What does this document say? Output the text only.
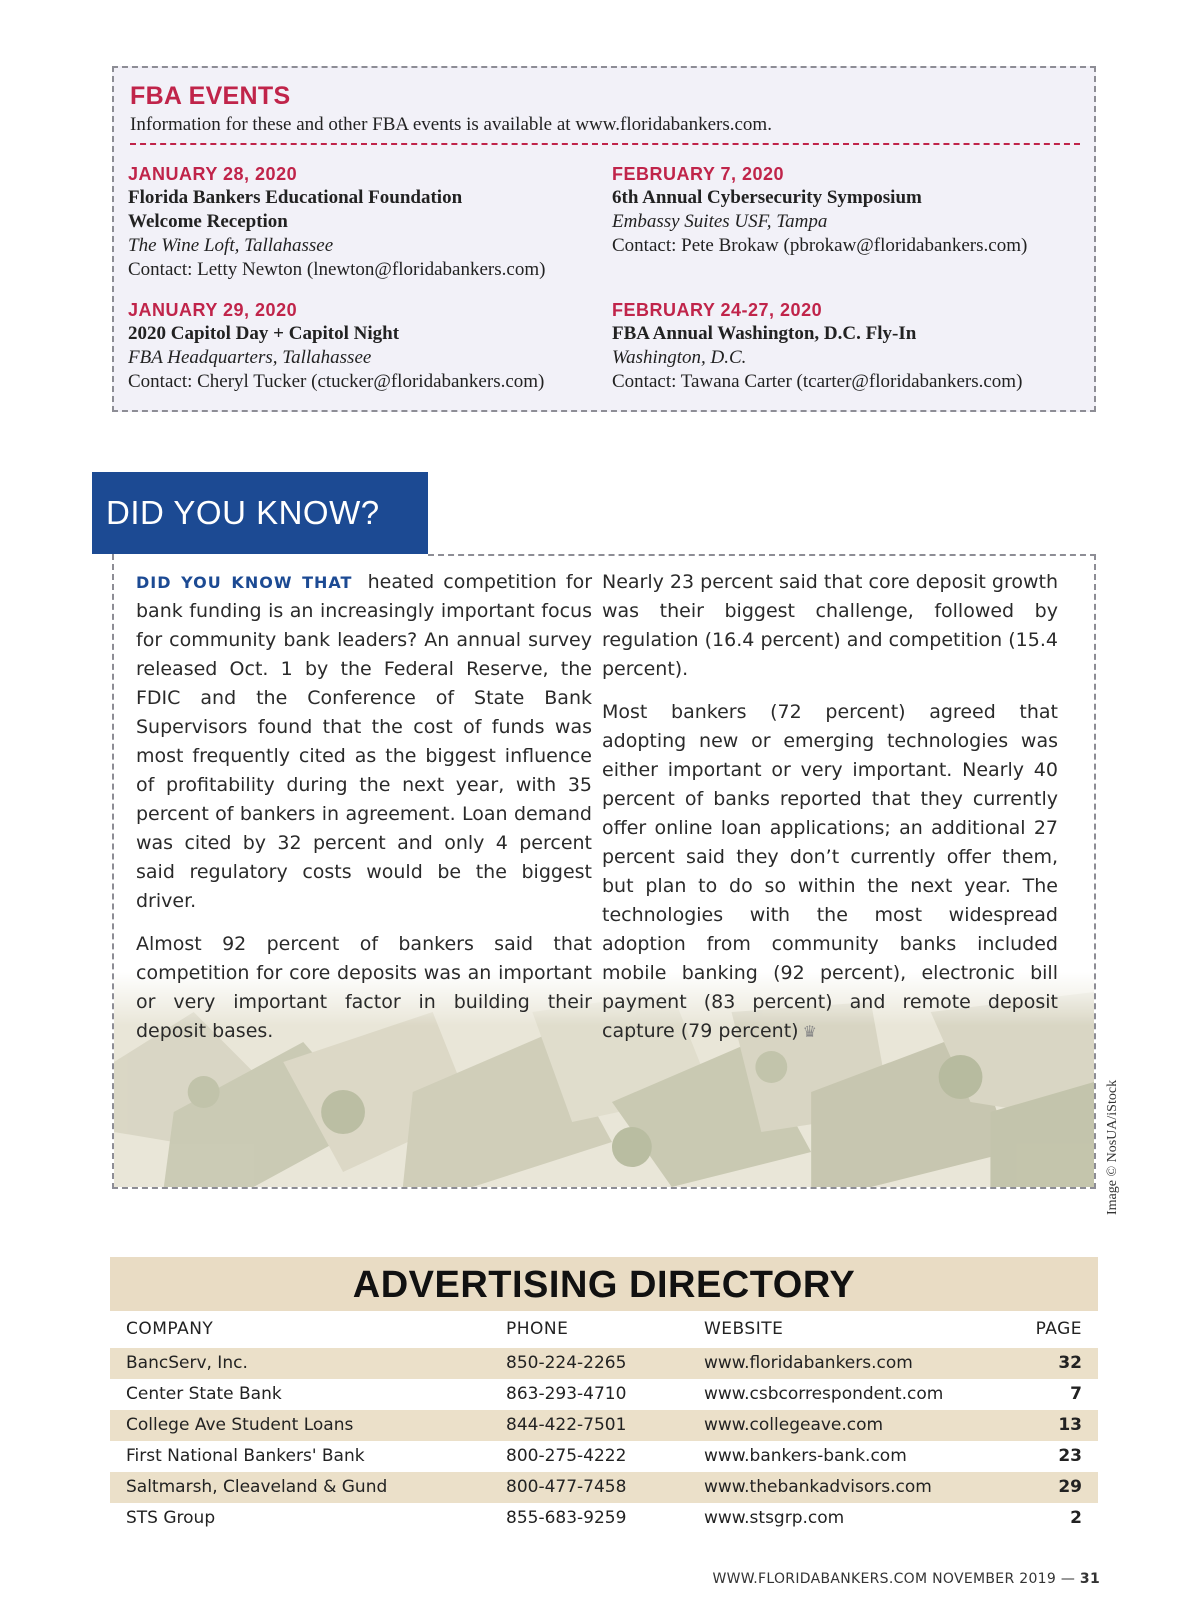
FBA EVENTS

Information for these and other FBA events is available at www.floridabankers.com.

JANUARY 28, 2020
Florida Bankers Educational Foundation
Welcome Reception
The Wine Loft, Tallahassee
Contact: Letty Newton (lnewton@floridabankers.com)
FEBRUARY 7, 2020
6th Annual Cybersecurity Symposium
Embassy Suites USF, Tampa
Contact: Pete Brokaw (pbrokaw@floridabankers.com)
JANUARY 29, 2020
2020 Capitol Day + Capitol Night
FBA Headquarters, Tallahassee
Contact: Cheryl Tucker (ctucker@floridabankers.com)
FEBRUARY 24-27, 2020
FBA Annual Washington, D.C. Fly-In
Washington, D.C.
Contact: Tawana Carter (tcarter@floridabankers.com)
DID YOU KNOW?

DID YOU KNOW THAT heated competition for bank funding is an increasingly important focus for community bank leaders? An annual survey released Oct. 1 by the Federal Reserve, the FDIC and the Conference of State Bank Supervisors found that the cost of funds was most frequently cited as the biggest influence of profitability during the next year, with 35 percent of bankers in agreement. Loan demand was cited by 32 percent and only 4 percent said regulatory costs would be the biggest driver.

Almost 92 percent of bankers said that competition for core deposits was an important or very important factor in building their deposit bases.

Nearly 23 percent said that core deposit growth was their biggest challenge, followed by regulation (16.4 percent) and competition (15.4 percent).

Most bankers (72 percent) agreed that adopting new or emerging technologies was either important or very important. Nearly 40 percent of banks reported that they currently offer online loan applications; an additional 27 percent said they don’t currently offer them, but plan to do so within the next year. The technologies with the most widespread adoption from community banks included mobile banking (92 percent), electronic bill payment (83 percent) and remote deposit capture (79 percent) ♛

Image © NosUA/iStock
ADVERTISING DIRECTORY
COMPANY	PHONE	WEBSITE	PAGE
BancServ, Inc.	850-224-2265	www.floridabankers.com	32
Center State Bank	863-293-4710	www.csbcorrespondent.com	7
College Ave Student Loans	844-422-7501	www.collegeave.com	13
First National Bankers' Bank	800-275-4222	www.bankers-bank.com	23
Saltmarsh, Cleaveland & Gund	800-477-7458	www.thebankadvisors.com	29
STS Group	855-683-9259	www.stsgrp.com	2
WWW.FLORIDABANKERS.COM NOVEMBER 2019 — 31
